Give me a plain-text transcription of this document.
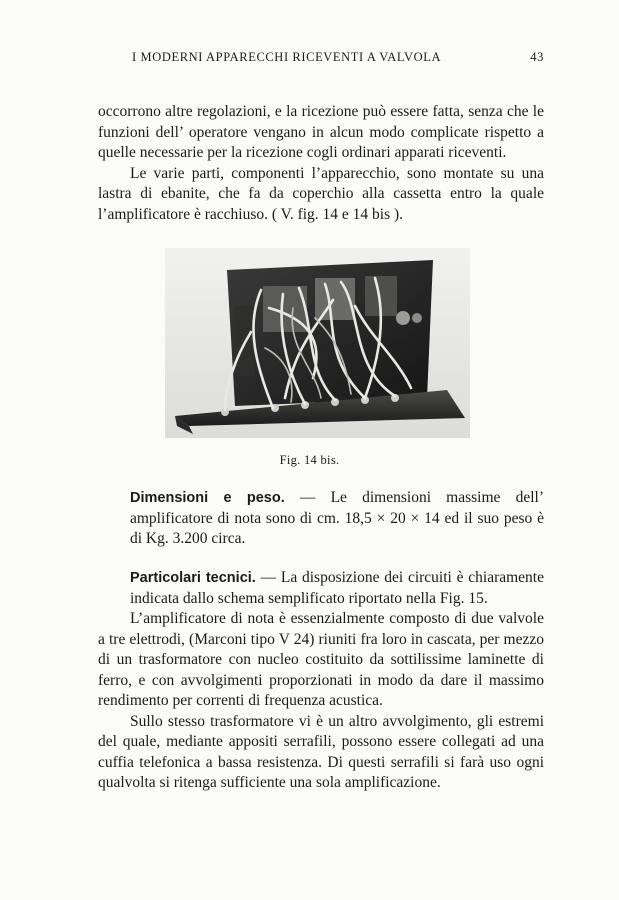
I MODERNI APPARECCHI RICEVENTI A VALVOLA	43

occorrono altre regolazioni, e la ricezione può essere fatta, senza che le funzioni dell’ operatore vengano in alcun modo complicate rispetto a quelle necessarie per la ricezione cogli ordinari apparati riceventi.

Le varie parti, componenti l’apparecchio, sono montate su una lastra di ebanite, che fa da coperchio alla cassetta entro la quale l’amplificatore è racchiuso. ( V. fig. 14 e 14 bis ).

Fig. 14 bis.

Dimensioni e peso. — Le dimensioni massime dell’ amplificatore di nota sono di cm. 18,5 × 20 × 14 ed il suo peso è di Kg. 3.200 circa.

Particolari tecnici. — La disposizione dei circuiti è chiaramente indicata dallo schema semplificato riportato nella Fig. 15.

L’amplificatore di nota è essenzialmente composto di due valvole a tre elettrodi, (Marconi tipo V 24) riuniti fra loro in cascata, per mezzo di un trasformatore con nucleo costituito da sottilissime laminette di ferro, e con avvolgimenti proporzionati in modo da dare il massimo rendimento per correnti di frequenza acustica.

Sullo stesso trasformatore vi è un altro avvolgimento, gli estremi del quale, mediante appositi serrafili, possono essere collegati ad una cuffia telefonica a bassa resistenza. Di questi serrafili si farà uso ogni qualvolta si ritenga sufficiente una sola amplificazione.
